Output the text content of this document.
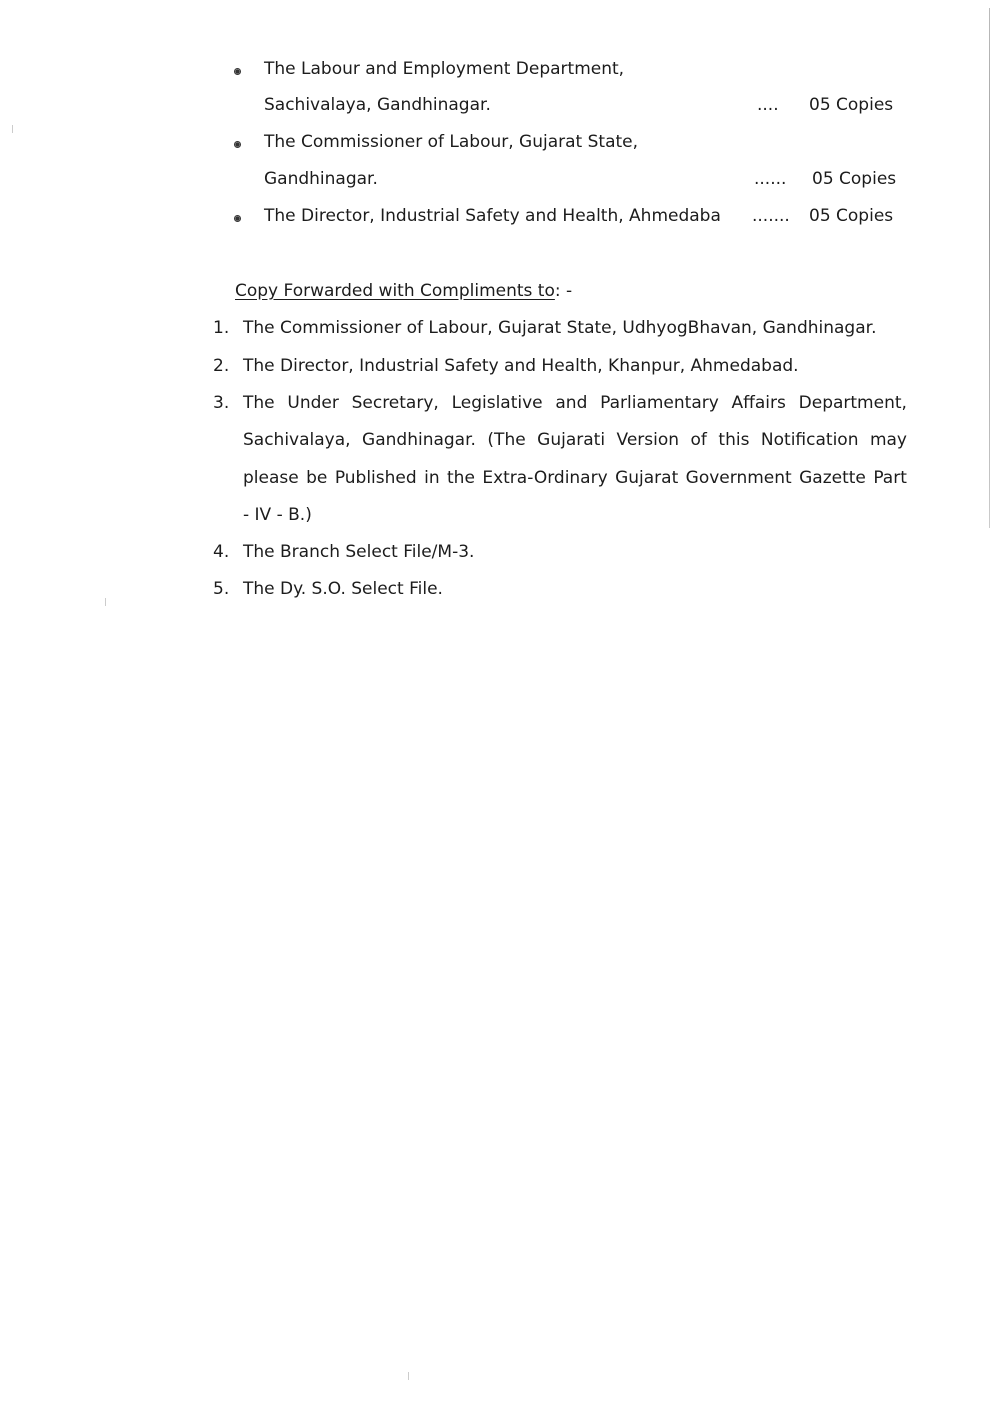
The Labour and Employment Department,
Sachivalaya, Gandhinagar.	.... 05 Copies
The Commissioner of Labour, Gujarat State,
Gandhinagar.	...... 05 Copies
The Director, Industrial Safety and Health, Ahmedaba ....... 05 Copies
Copy Forwarded with Compliments to: -
1. The Commissioner of Labour, Gujarat State, UdhyogBhavan, Gandhinagar.
2. The Director, Industrial Safety and Health, Khanpur, Ahmedabad.
3. The Under Secretary, Legislative and Parliamentary Affairs Department,
Sachivalaya, Gandhinagar. (The Gujarati Version of this Notification may
please be Published in the Extra-Ordinary Gujarat Government Gazette Part
- IV - B.)
4. The Branch Select File/M-3.
5. The Dy. S.O. Select File.
